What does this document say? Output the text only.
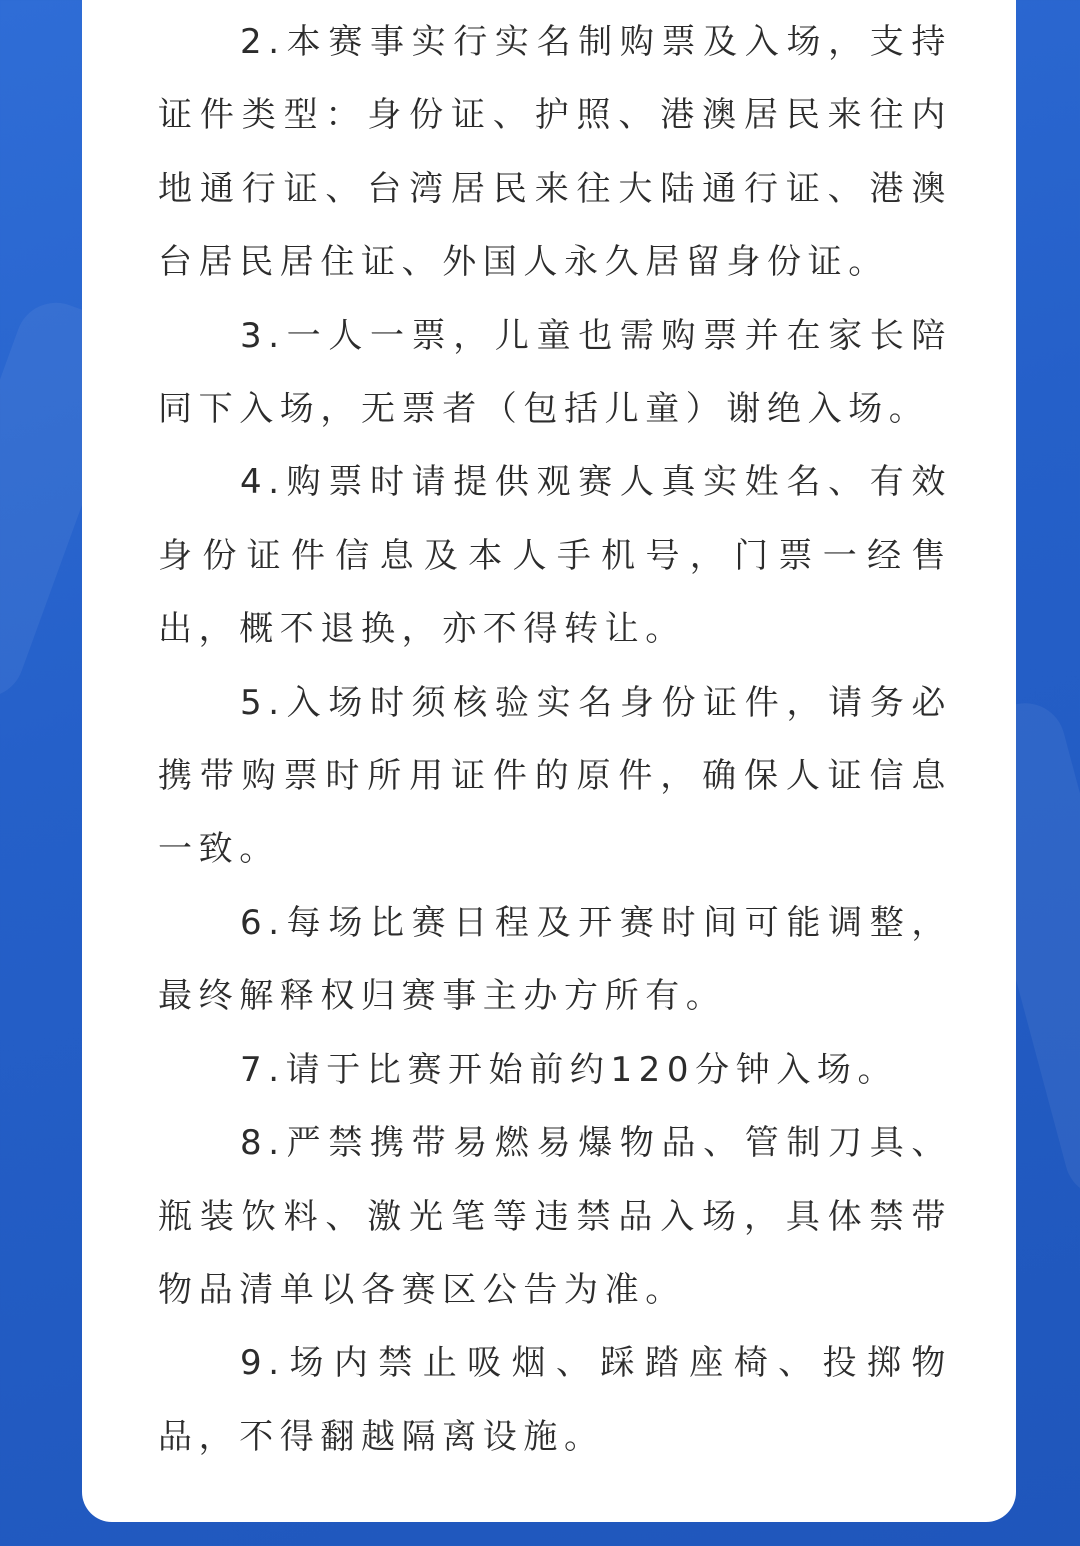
2.本赛事实行实名制购票及入场，支持证件类型：身份证、护照、港澳居民来往内地通行证、台湾居民来往大陆通行证、港澳台居民居住证、外国人永久居留身份证。

3.一人一票，儿童也需购票并在家长陪同下入场，无票者（包括儿童）谢绝入场。

4.购票时请提供观赛人真实姓名、有效身份证件信息及本人手机号，门票一经售出，概不退换，亦不得转让。

5.入场时须核验实名身份证件，请务必携带购票时所用证件的原件，确保人证信息一致。

6.每场比赛日程及开赛时间可能调整，最终解释权归赛事主办方所有。

7.请于比赛开始前约120分钟入场。

8.严禁携带易燃易爆物品、管制刀具、瓶装饮料、激光笔等违禁品入场，具体禁带物品清单以各赛区公告为准。

9.场内禁止吸烟、踩踏座椅、投掷物品，不得翻越隔离设施。
